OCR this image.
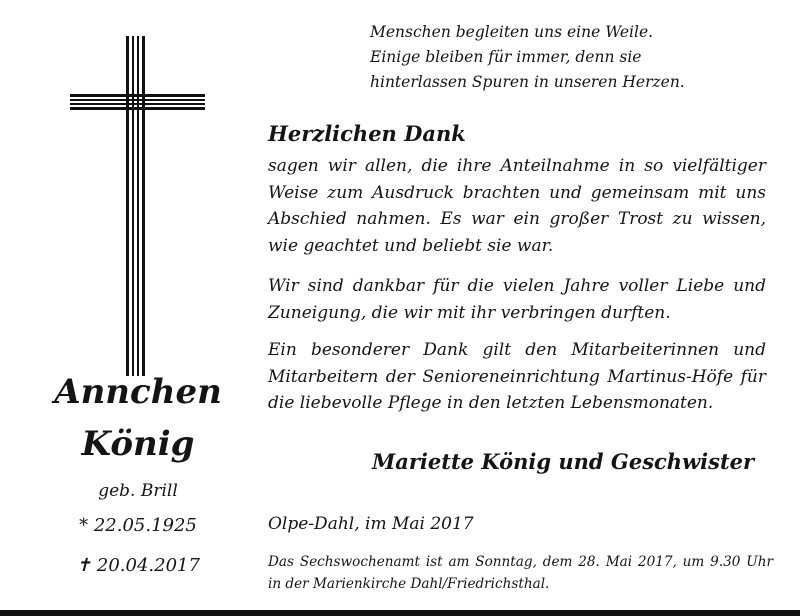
Annchen
König
geb. Brill
* 22.05.1925
✝ 20.04.2017
Menschen begleiten uns eine Weile.
Einige bleiben für immer, denn sie
hinterlassen Spuren in unseren Herzen.
Herzlichen Dank
sagen wir allen, die ihre Anteilnahme in so vielfältiger Weise zum Ausdruck brachten und gemeinsam mit uns Abschied nahmen. Es war ein großer Trost zu wissen, wie geachtet und beliebt sie war.
Wir sind dankbar für die vielen Jahre voller Liebe und Zuneigung, die wir mit ihr verbringen durften.
Ein besonderer Dank gilt den Mitarbeiterinnen und Mitarbeitern der Senioreneinrichtung Martinus-Höfe für die liebevolle Pflege in den letzten Lebensmonaten.
Mariette König und Geschwister
Olpe-Dahl, im Mai 2017
Das Sechswochenamt ist am Sonntag, dem 28. Mai 2017, um 9.30 Uhr in der Marienkirche Dahl/Friedrichsthal.
